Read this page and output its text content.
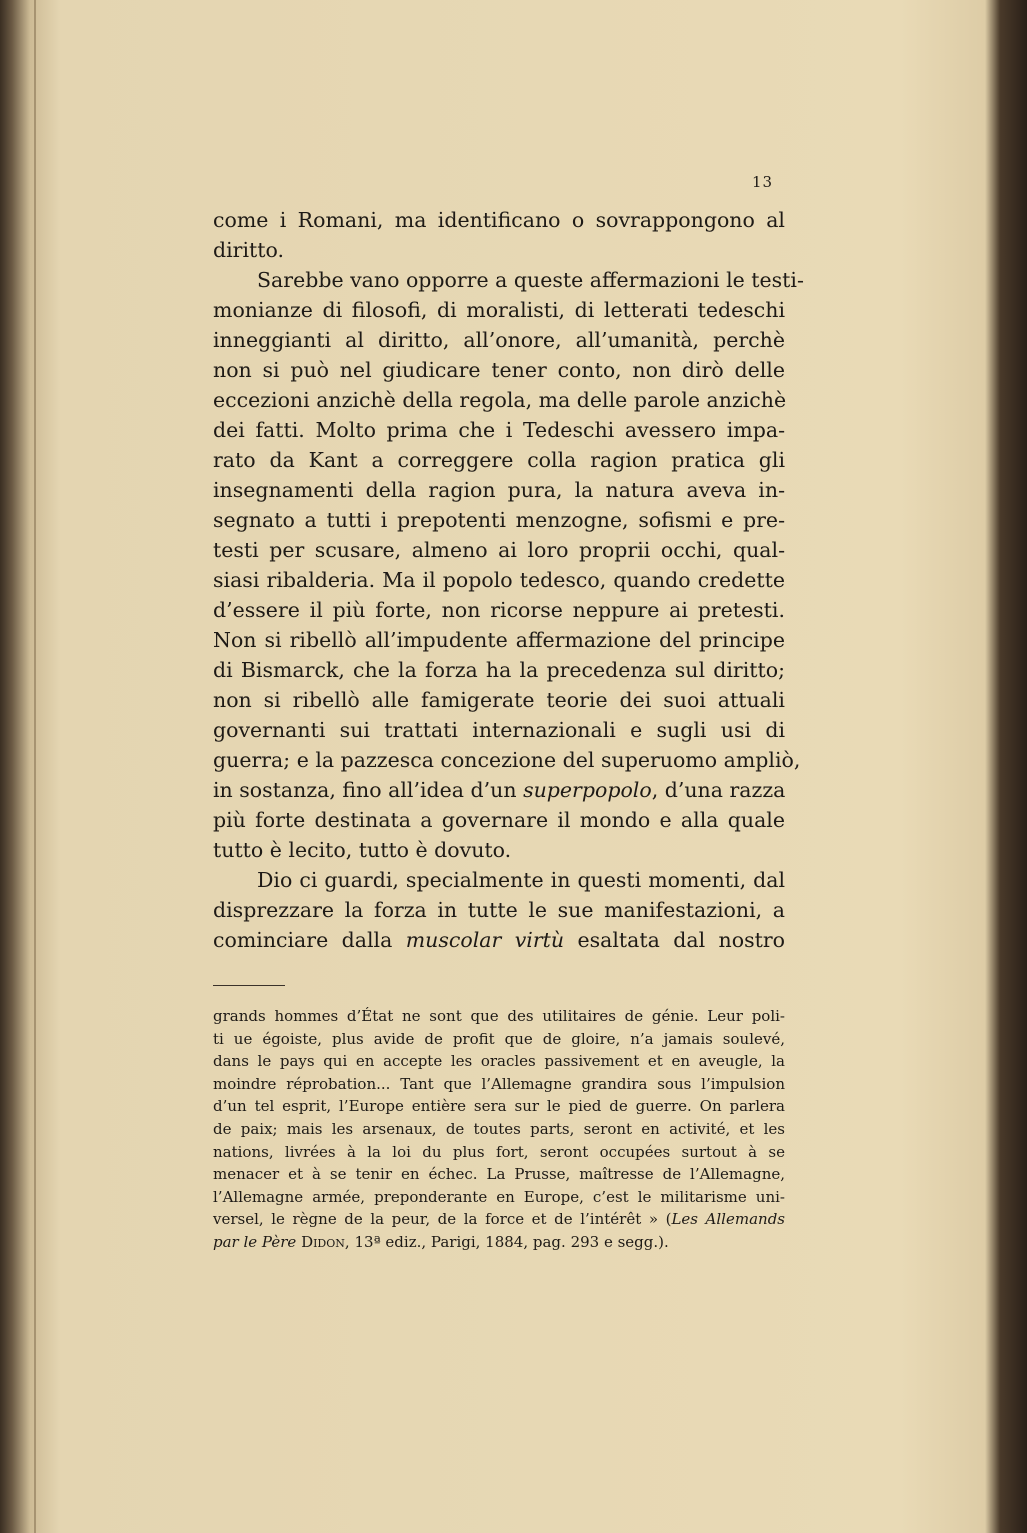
13
come i Romani, ma identificano o sovrappongono al
diritto.
Sarebbe vano opporre a queste affermazioni le testi-
monianze di filosofi, di moralisti, di letterati tedeschi
inneggianti al diritto, all’onore, all’umanità, perchè
non si può nel giudicare tener conto, non dirò delle
eccezioni anzichè della regola, ma delle parole anzichè
dei fatti. Molto prima che i Tedeschi avessero impa-
rato da Kant a correggere colla ragion pratica gli
insegnamenti della ragion pura, la natura aveva in-
segnato a tutti i prepotenti menzogne, sofismi e pre-
testi per scusare, almeno ai loro proprii occhi, qual-
siasi ribalderia. Ma il popolo tedesco, quando credette
d’essere il più forte, non ricorse neppure ai pretesti.
Non si ribellò all’impudente affermazione del principe
di Bismarck, che la forza ha la precedenza sul diritto;
non si ribellò alle famigerate teorie dei suoi attuali
governanti sui trattati internazionali e sugli usi di
guerra; e la pazzesca concezione del superuomo ampliò,
in sostanza, fino all’idea d’un superpopolo, d’una razza
più forte destinata a governare il mondo e alla quale
tutto è lecito, tutto è dovuto.
Dio ci guardi, specialmente in questi momenti, dal
disprezzare la forza in tutte le sue manifestazioni, a
cominciare dalla muscolar virtù esaltata dal nostro
grands hommes d’État ne sont que des utilitaires de génie. Leur poli-
ti ue égoiste, plus avide de profit que de gloire, n’a jamais soulevé,
dans le pays qui en accepte les oracles passivement et en aveugle, la
moindre réprobation... Tant que l’Allemagne grandira sous l’impulsion
d’un tel esprit, l’Europe entière sera sur le pied de guerre. On parlera
de paix; mais les arsenaux, de toutes parts, seront en activité, et les
nations, livrées à la loi du plus fort, seront occupées surtout à se
menacer et à se tenir en échec. La Prusse, maîtresse de l’Allemagne,
l’Allemagne armée, preponderante en Europe, c’est le militarisme uni-
versel, le règne de la peur, de la force et de l’intérêt » (Les Allemands
par le Père Didon, 13ª ediz., Parigi, 1884, pag. 293 e segg.).
